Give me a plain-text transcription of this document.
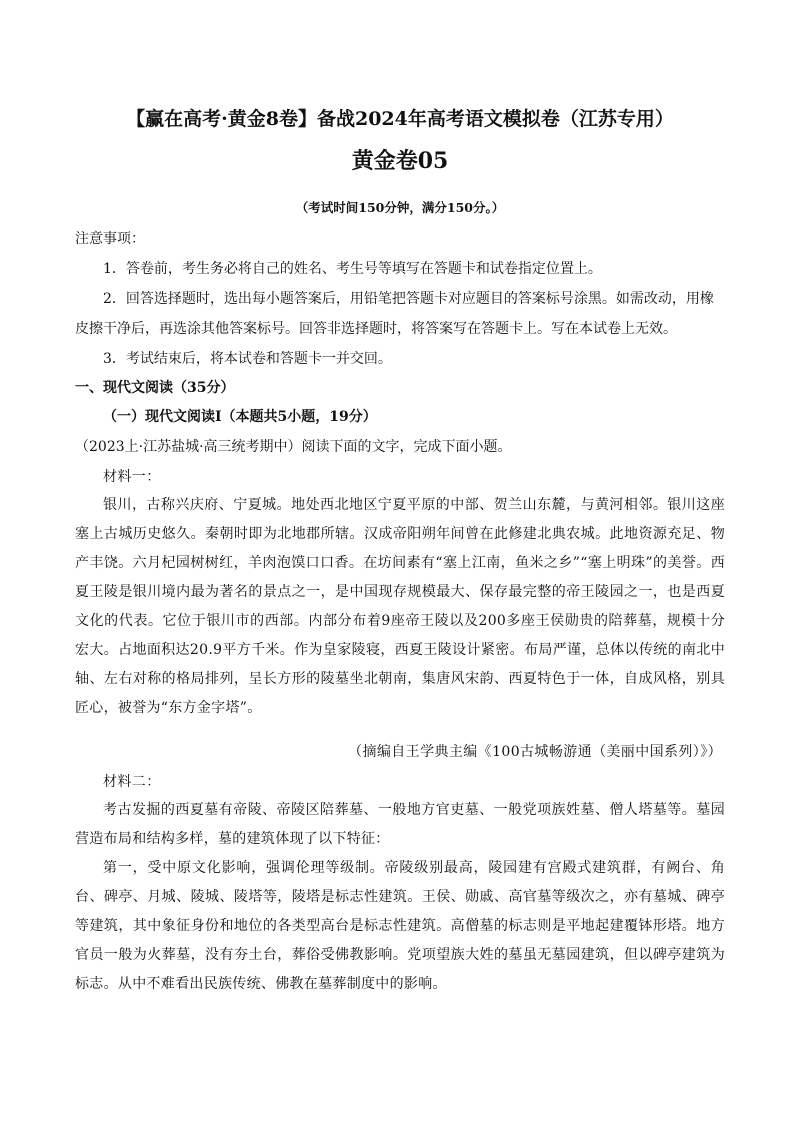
【赢在高考·黄金8卷】备战2024年高考语文模拟卷（江苏专用）
黄金卷05
（考试时间150分钟，满分150分。）
注意事项：
1．答卷前，考生务必将自己的姓名、考生号等填写在答题卡和试卷指定位置上。
2．回答选择题时，选出每小题答案后，用铅笔把答题卡对应题目的答案标号涂黑。如需改动，用橡
皮擦干净后，再选涂其他答案标号。回答非选择题时，将答案写在答题卡上。写在本试卷上无效。
3．考试结束后，将本试卷和答题卡一并交回。
一、现代文阅读（35分）
（一）现代文阅读Ⅰ（本题共5小题，19分）
（2023上·江苏盐城·高三统考期中）阅读下面的文字，完成下面小题。
材料一：
银川，古称兴庆府、宁夏城。地处西北地区宁夏平原的中部、贺兰山东麓，与黄河相邻。银川这座塞上古城历史悠久。秦朝时即为北地郡所辖。汉成帝阳朔年间曾在此修建北典农城。此地资源充足、物产丰饶。六月杞园树树红，羊肉泡馍口口香。在坊间素有“塞上江南，鱼米之乡”“塞上明珠”的美誉。西夏王陵是银川境内最为著名的景点之一，是中国现存规模最大、保存最完整的帝王陵园之一，也是西夏文化的代表。它位于银川市的西部。内部分布着9座帝王陵以及200多座王侯勋贵的陪葬墓，规模十分宏大。占地面积达20.9平方千米。作为皇家陵寝，西夏王陵设计紧密。布局严谨，总体以传统的南北中轴、左右对称的格局排列，呈长方形的陵墓坐北朝南，集唐风宋韵、西夏特色于一体，自成风格，别具匠心，被誉为“东方金字塔”。
（摘编自王学典主编《100古城畅游通（美丽中国系列）》）
材料二：
考古发掘的西夏墓有帝陵、帝陵区陪葬墓、一般地方官吏墓、一般党项族姓墓、僧人塔墓等。墓园营造布局和结构多样，墓的建筑体现了以下特征：
第一，受中原文化影响，强调伦理等级制。帝陵级别最高，陵园建有宫殿式建筑群，有阙台、角台、碑亭、月城、陵城、陵塔等，陵塔是标志性建筑。王侯、勋戚、高官墓等级次之，亦有墓城、碑亭等建筑，其中象征身份和地位的各类型高台是标志性建筑。高僧墓的标志则是平地起建覆钵形塔。地方官员一般为火葬墓，没有夯土台，葬俗受佛教影响。党项望族大姓的墓虽无墓园建筑，但以碑亭建筑为标志。从中不难看出民族传统、佛教在墓葬制度中的影响。
